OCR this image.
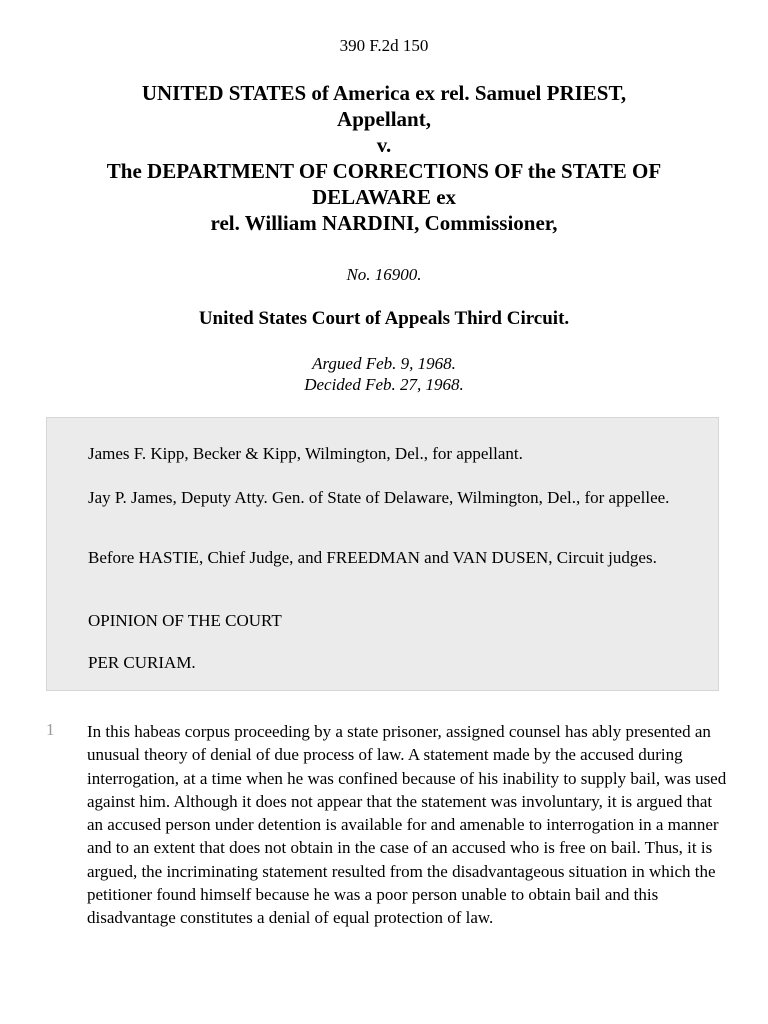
390 F.2d 150
UNITED STATES of America ex rel. Samuel PRIEST,
Appellant,
v.
The DEPARTMENT OF CORRECTIONS OF the STATE OF
DELAWARE ex
rel. William NARDINI, Commissioner,
No. 16900.
United States Court of Appeals Third Circuit.
Argued Feb. 9, 1968.
Decided Feb. 27, 1968.

James F. Kipp, Becker & Kipp, Wilmington, Del., for appellant.

Jay P. James, Deputy Atty. Gen. of State of Delaware, Wilmington, Del., for appellee.

Before HASTIE, Chief Judge, and FREEDMAN and VAN DUSEN, Circuit judges.

OPINION OF THE COURT

PER CURIAM.

1 In this habeas corpus proceeding by a state prisoner, assigned counsel has ably presented an unusual theory of denial of due process of law. A statement made by the accused during interrogation, at a time when he was confined because of his inability to supply bail, was used against him. Although it does not appear that the statement was involuntary, it is argued that an accused person under detention is available for and amenable to interrogation in a manner and to an extent that does not obtain in the case of an accused who is free on bail. Thus, it is argued, the incriminating statement resulted from the disadvantageous situation in which the petitioner found himself because he was a poor person unable to obtain bail and this disadvantage constitutes a denial of equal protection of law.
